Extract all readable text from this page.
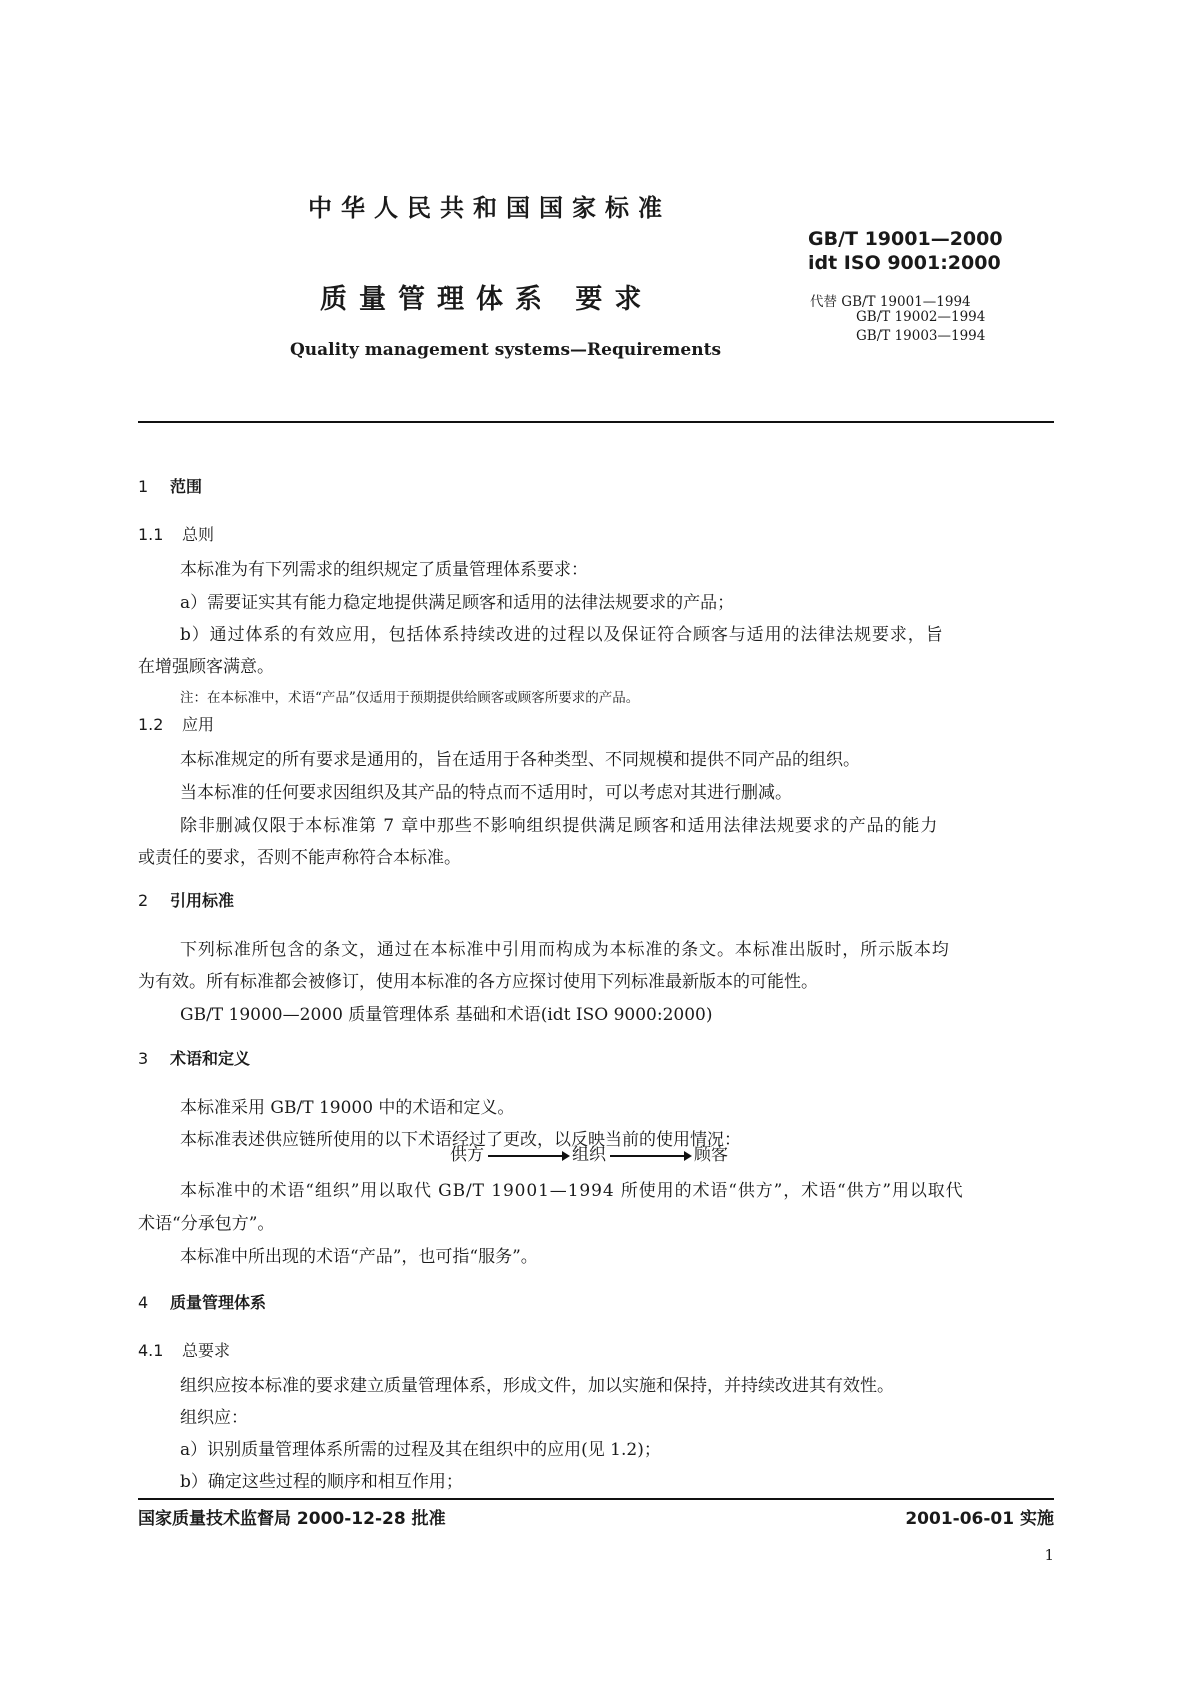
中华人民共和国国家标准
GB/T 19001—2000
idt ISO 9001:2000
质量管理体系 要求	代替 GB/T 19001—1994
GB/T 19002—1994
GB/T 19003—1994
Quality management systems—Requirements
1 范围
1.1 总则
本标准为有下列需求的组织规定了质量管理体系要求：
a）需要证实其有能力稳定地提供满足顾客和适用的法律法规要求的产品；
b）通过体系的有效应用，包括体系持续改进的过程以及保证符合顾客与适用的法律法规要求，旨
在增强顾客满意。
注：在本标准中，术语“产品”仅适用于预期提供给顾客或顾客所要求的产品。
1.2 应用
本标准规定的所有要求是通用的，旨在适用于各种类型、不同规模和提供不同产品的组织。
当本标准的任何要求因组织及其产品的特点而不适用时，可以考虑对其进行删减。
除非删减仅限于本标准第 7 章中那些不影响组织提供满足顾客和适用法律法规要求的产品的能力
或责任的要求，否则不能声称符合本标准。
2 引用标准
下列标准所包含的条文，通过在本标准中引用而构成为本标准的条文。本标准出版时，所示版本均
为有效。所有标准都会被修订，使用本标准的各方应探讨使用下列标准最新版本的可能性。
GB/T 19000—2000 质量管理体系 基础和术语(idt ISO 9000:2000)
3 术语和定义
本标准采用 GB/T 19000 中的术语和定义。
本标准表述供应链所使用的以下术语经过了更改，以反映当前的使用情况：
供方	组织	顾客
本标准中的术语“组织”用以取代 GB/T 19001—1994 所使用的术语“供方”，术语“供方”用以取代
术语“分承包方”。
本标准中所出现的术语“产品”，也可指“服务”。
4 质量管理体系
4.1 总要求
组织应按本标准的要求建立质量管理体系，形成文件，加以实施和保持，并持续改进其有效性。
组织应：
a）识别质量管理体系所需的过程及其在组织中的应用(见 1.2)；
b）确定这些过程的顺序和相互作用；
国家质量技术监督局 2000-12-28 批准	2001-06-01 实施
1
